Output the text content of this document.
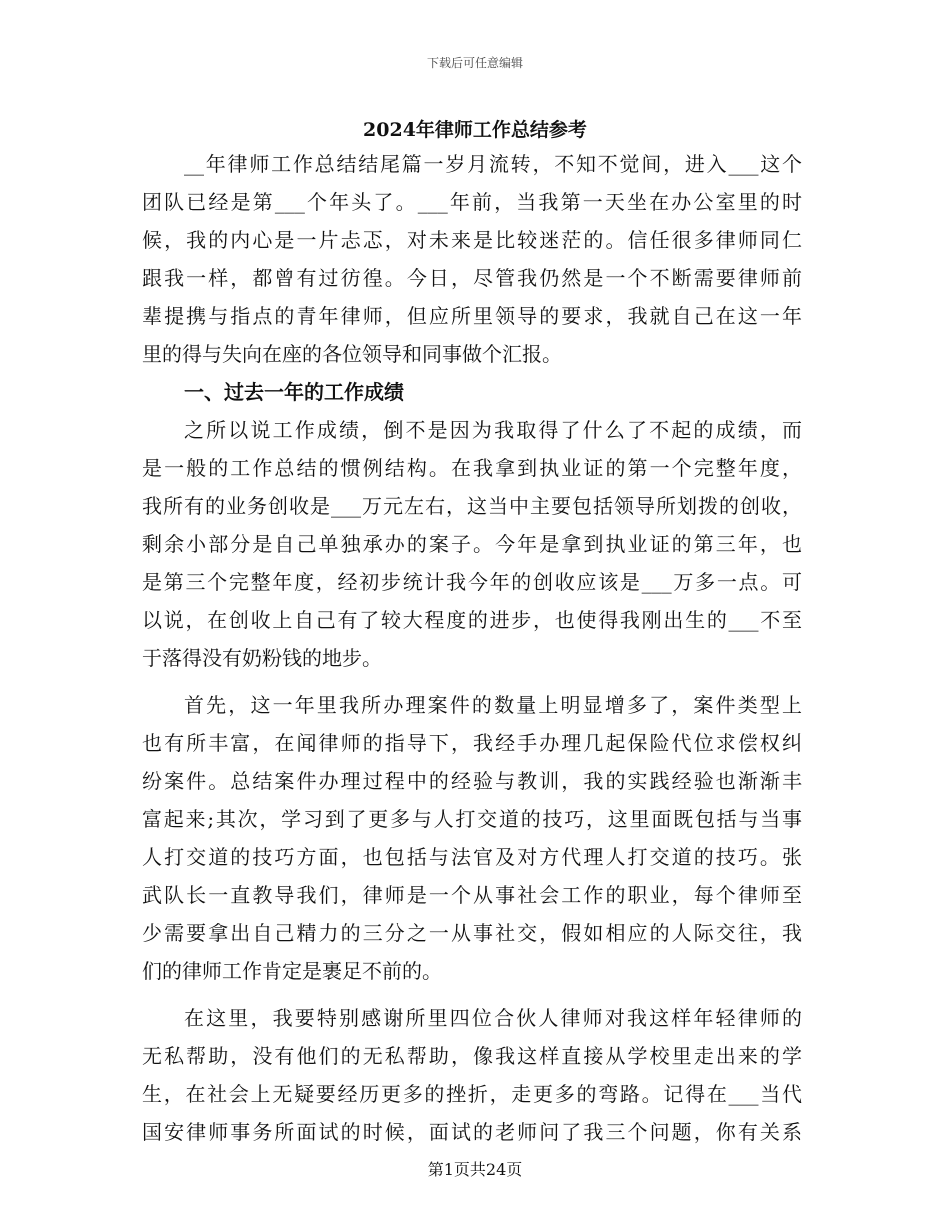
下载后可任意编辑
2024年律师工作总结参考
__年律师工作总结结尾篇一岁月流转，不知不觉间，进入___这个
团队已经是第___个年头了。___年前，当我第一天坐在办公室里的时
候，我的内心是一片忐忑，对未来是比较迷茫的。信任很多律师同仁
跟我一样，都曾有过彷徨。今日，尽管我仍然是一个不断需要律师前
辈提携与指点的青年律师，但应所里领导的要求，我就自己在这一年
里的得与失向在座的各位领导和同事做个汇报。
一、过去一年的工作成绩
之所以说工作成绩，倒不是因为我取得了什么了不起的成绩，而
是一般的工作总结的惯例结构。在我拿到执业证的第一个完整年度，
我所有的业务创收是___万元左右，这当中主要包括领导所划拨的创收，
剩余小部分是自己单独承办的案子。今年是拿到执业证的第三年，也
是第三个完整年度，经初步统计我今年的创收应该是___万多一点。可
以说，在创收上自己有了较大程度的进步，也使得我刚出生的___不至
于落得没有奶粉钱的地步。
首先，这一年里我所办理案件的数量上明显增多了，案件类型上
也有所丰富，在闻律师的指导下，我经手办理几起保险代位求偿权纠
纷案件。总结案件办理过程中的经验与教训，我的实践经验也渐渐丰
富起来;其次，学习到了更多与人打交道的技巧，这里面既包括与当事
人打交道的技巧方面，也包括与法官及对方代理人打交道的技巧。张
武队长一直教导我们，律师是一个从事社会工作的职业，每个律师至
少需要拿出自己精力的三分之一从事社交，假如相应的人际交往，我
们的律师工作肯定是裹足不前的。
在这里，我要特别感谢所里四位合伙人律师对我这样年轻律师的
无私帮助，没有他们的无私帮助，像我这样直接从学校里走出来的学
生，在社会上无疑要经历更多的挫折，走更多的弯路。记得在___当代
国安律师事务所面试的时候，面试的老师问了我三个问题，你有关系
第1页共24页
